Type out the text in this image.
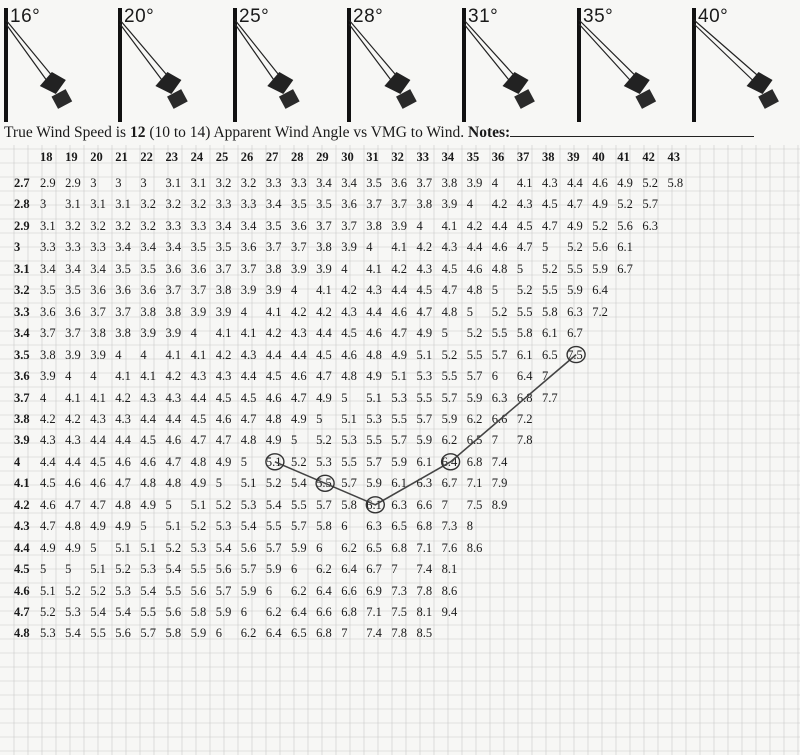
16°	20°	25°	28°	31°	35°	40°
True Wind Speed is 12 (10 to 14) Apparent Wind Angle vs VMG to Wind. Notes:
18 19 20 21 22 23 24 25 26 27 28 29 30 31 32 33 34 35 36 37 38 39 40 41 42 43
2.7 2.9 2.9 3 3 3 3.1 3.1 3.2 3.2 3.3 3.3 3.4 3.4 3.5 3.6 3.7 3.8 3.9 4 4.1 4.3 4.4 4.6 4.9 5.2 5.8
2.8 3 3.1 3.1 3.1 3.2 3.2 3.2 3.3 3.3 3.4 3.5 3.5 3.6 3.7 3.7 3.8 3.9 4 4.2 4.3 4.5 4.7 4.9 5.2 5.7
2.9 3.1 3.2 3.2 3.2 3.2 3.3 3.3 3.4 3.4 3.5 3.6 3.7 3.7 3.8 3.9 4 4.1 4.2 4.4 4.5 4.7 4.9 5.2 5.6 6.3
3 3.3 3.3 3.3 3.4 3.4 3.4 3.5 3.5 3.6 3.7 3.7 3.8 3.9 4 4.1 4.2 4.3 4.4 4.6 4.7 5 5.2 5.6 6.1
3.1 3.4 3.4 3.4 3.5 3.5 3.6 3.6 3.7 3.7 3.8 3.9 3.9 4 4.1 4.2 4.3 4.5 4.6 4.8 5 5.2 5.5 5.9 6.7
3.2 3.5 3.5 3.6 3.6 3.6 3.7 3.7 3.8 3.9 3.9 4 4.1 4.2 4.3 4.4 4.5 4.7 4.8 5 5.2 5.5 5.9 6.4
3.3 3.6 3.6 3.7 3.7 3.8 3.8 3.9 3.9 4 4.1 4.2 4.2 4.3 4.4 4.6 4.7 4.8 5 5.2 5.5 5.8 6.3 7.2
3.4 3.7 3.7 3.8 3.8 3.9 3.9 4 4.1 4.1 4.2 4.3 4.4 4.5 4.6 4.7 4.9 5 5.2 5.5 5.8 6.1 6.7
3.5 3.8 3.9 3.9 4 4 4.1 4.1 4.2 4.3 4.4 4.4 4.5 4.6 4.8 4.9 5.1 5.2 5.5 5.7 6.1 6.5 7.5
3.6 3.9 4 4 4.1 4.1 4.2 4.3 4.3 4.4 4.5 4.6 4.7 4.8 4.9 5.1 5.3 5.5 5.7 6 6.4 7
3.7 4 4.1 4.1 4.2 4.3 4.3 4.4 4.5 4.5 4.6 4.7 4.9 5 5.1 5.3 5.5 5.7 5.9 6.3 6.8 7.7
3.8 4.2 4.2 4.3 4.3 4.4 4.4 4.5 4.6 4.7 4.8 4.9 5 5.1 5.3 5.5 5.7 5.9 6.2 6.6 7.2
3.9 4.3 4.3 4.4 4.4 4.5 4.6 4.7 4.7 4.8 4.9 5 5.2 5.3 5.5 5.7 5.9 6.2 6.5 7 7.8
4 4.4 4.4 4.5 4.6 4.6 4.7 4.8 4.9 5 5.1 5.2 5.3 5.5 5.7 5.9 6.1 6.4 6.8 7.4
4.1 4.5 4.6 4.6 4.7 4.8 4.8 4.9 5 5.1 5.2 5.4 5.5 5.7 5.9 6.1 6.3 6.7 7.1 7.9
4.2 4.6 4.7 4.7 4.8 4.9 5 5.1 5.2 5.3 5.4 5.5 5.7 5.8 6.1 6.3 6.6 7 7.5 8.9
4.3 4.7 4.8 4.9 4.9 5 5.1 5.2 5.3 5.4 5.5 5.7 5.8 6 6.3 6.5 6.8 7.3 8
4.4 4.9 4.9 5 5.1 5.1 5.2 5.3 5.4 5.6 5.7 5.9 6 6.2 6.5 6.8 7.1 7.6 8.6
4.5 5 5 5.1 5.2 5.3 5.4 5.5 5.6 5.7 5.9 6 6.2 6.4 6.7 7 7.4 8.1
4.6 5.1 5.2 5.2 5.3 5.4 5.5 5.6 5.7 5.9 6 6.2 6.4 6.6 6.9 7.3 7.8 8.6
4.7 5.2 5.3 5.4 5.4 5.5 5.6 5.8 5.9 6 6.2 6.4 6.6 6.8 7.1 7.5 8.1 9.4
4.8 5.3 5.4 5.5 5.6 5.7 5.8 5.9 6 6.2 6.4 6.5 6.8 7 7.4 7.8 8.5
